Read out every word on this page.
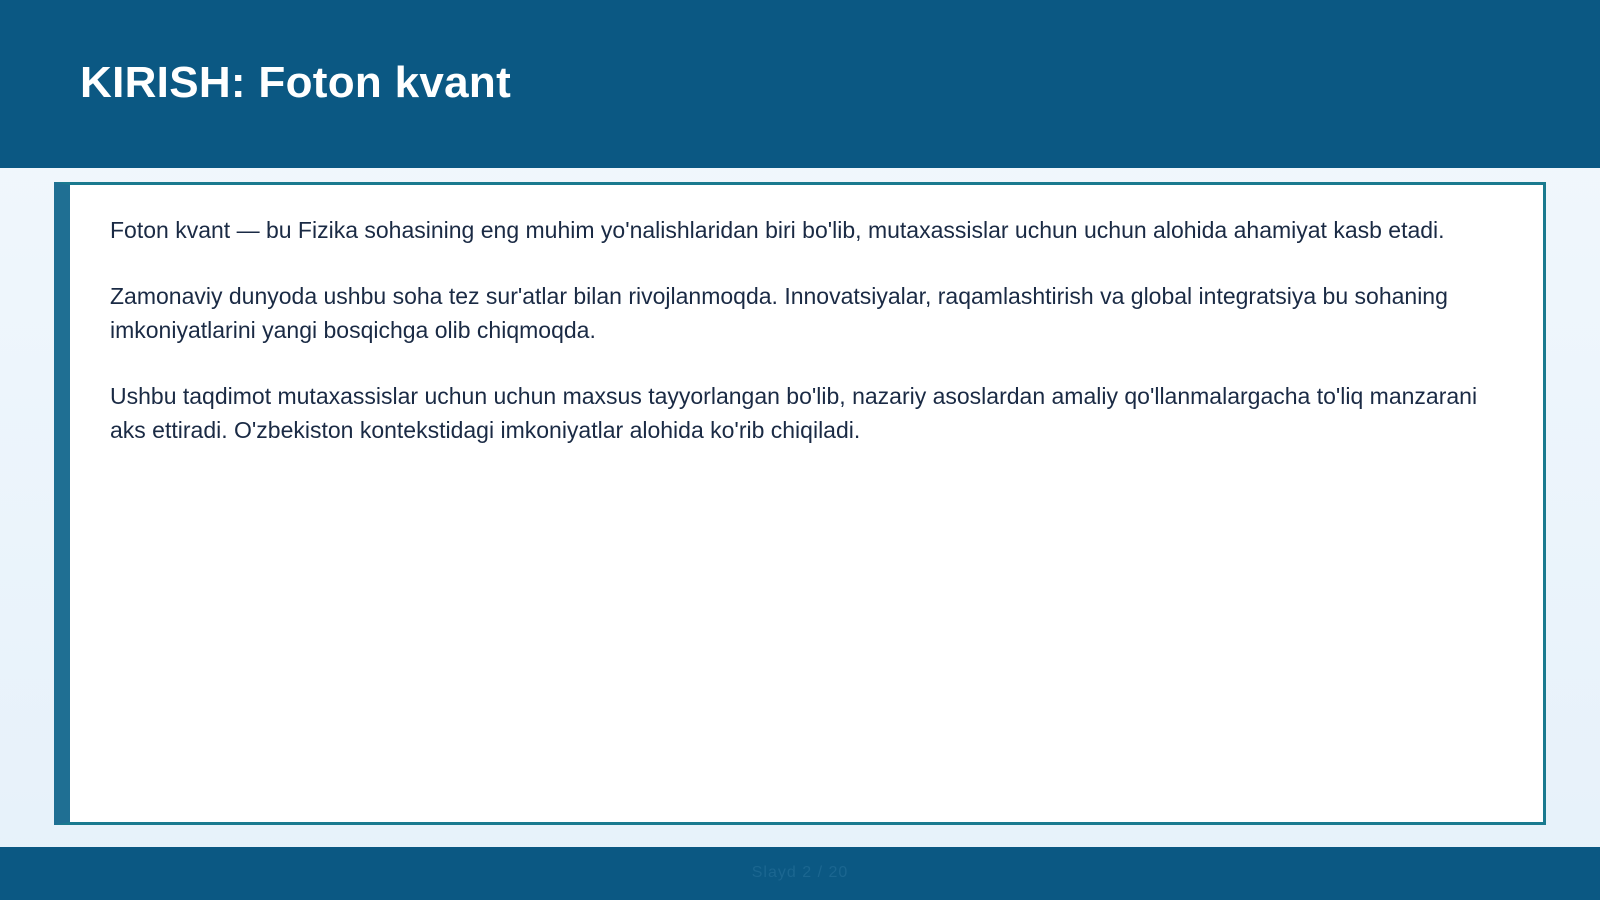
KIRISH: Foton kvant

Foton kvant — bu Fizika sohasining eng muhim yo'nalishlaridan biri bo'lib, mutaxassislar uchun uchun alohida ahamiyat kasb etadi.

Zamonaviy dunyoda ushbu soha tez sur'atlar bilan rivojlanmoqda. Innovatsiyalar, raqamlashtirish va global integratsiya bu sohaning imkoniyatlarini yangi bosqichga olib chiqmoqda.

Ushbu taqdimot mutaxassislar uchun uchun maxsus tayyorlangan bo'lib, nazariy asoslardan amaliy qo'llanmalargacha to'liq manzarani aks ettiradi. O'zbekiston kontekstidagi imkoniyatlar alohida ko'rib chiqiladi.

Slayd 2 / 20
